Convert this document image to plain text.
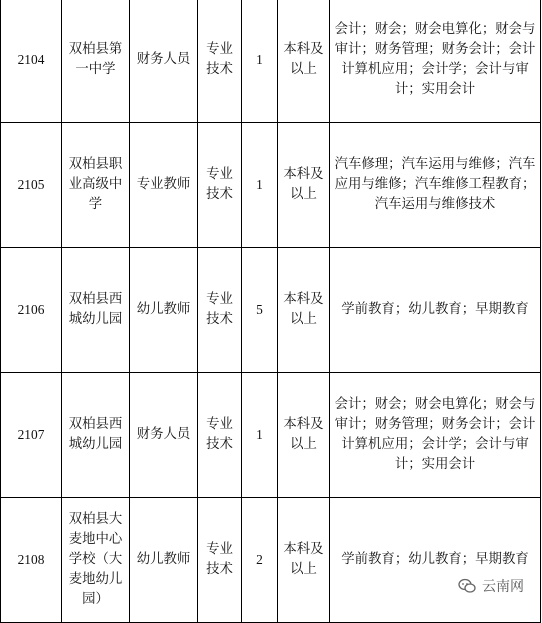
2104	双柏县第一中学	财务人员	专业技术	1	本科及以上	会计；财会；财会电算化；财会与审计；财务管理；财务会计；会计计算机应用；会计学；会计与审计；实用会计
2105	双柏县职业高级中学	专业教师	专业技术	1	本科及以上	汽车修理；汽车运用与维修；汽车应用与维修；汽车维修工程教育；汽车运用与维修技术
2106	双柏县西城幼儿园	幼儿教师	专业技术	5	本科及以上	学前教育；幼儿教育；早期教育
2107	双柏县西城幼儿园	财务人员	专业技术	1	本科及以上	会计；财会；财会电算化；财会与审计；财务管理；财务会计；会计计算机应用；会计学；会计与审计；实用会计
2108	双柏县大麦地中心学校（大麦地幼儿园）	幼儿教师	专业技术	2	本科及以上	学前教育；幼儿教育；早期教育
云南网
